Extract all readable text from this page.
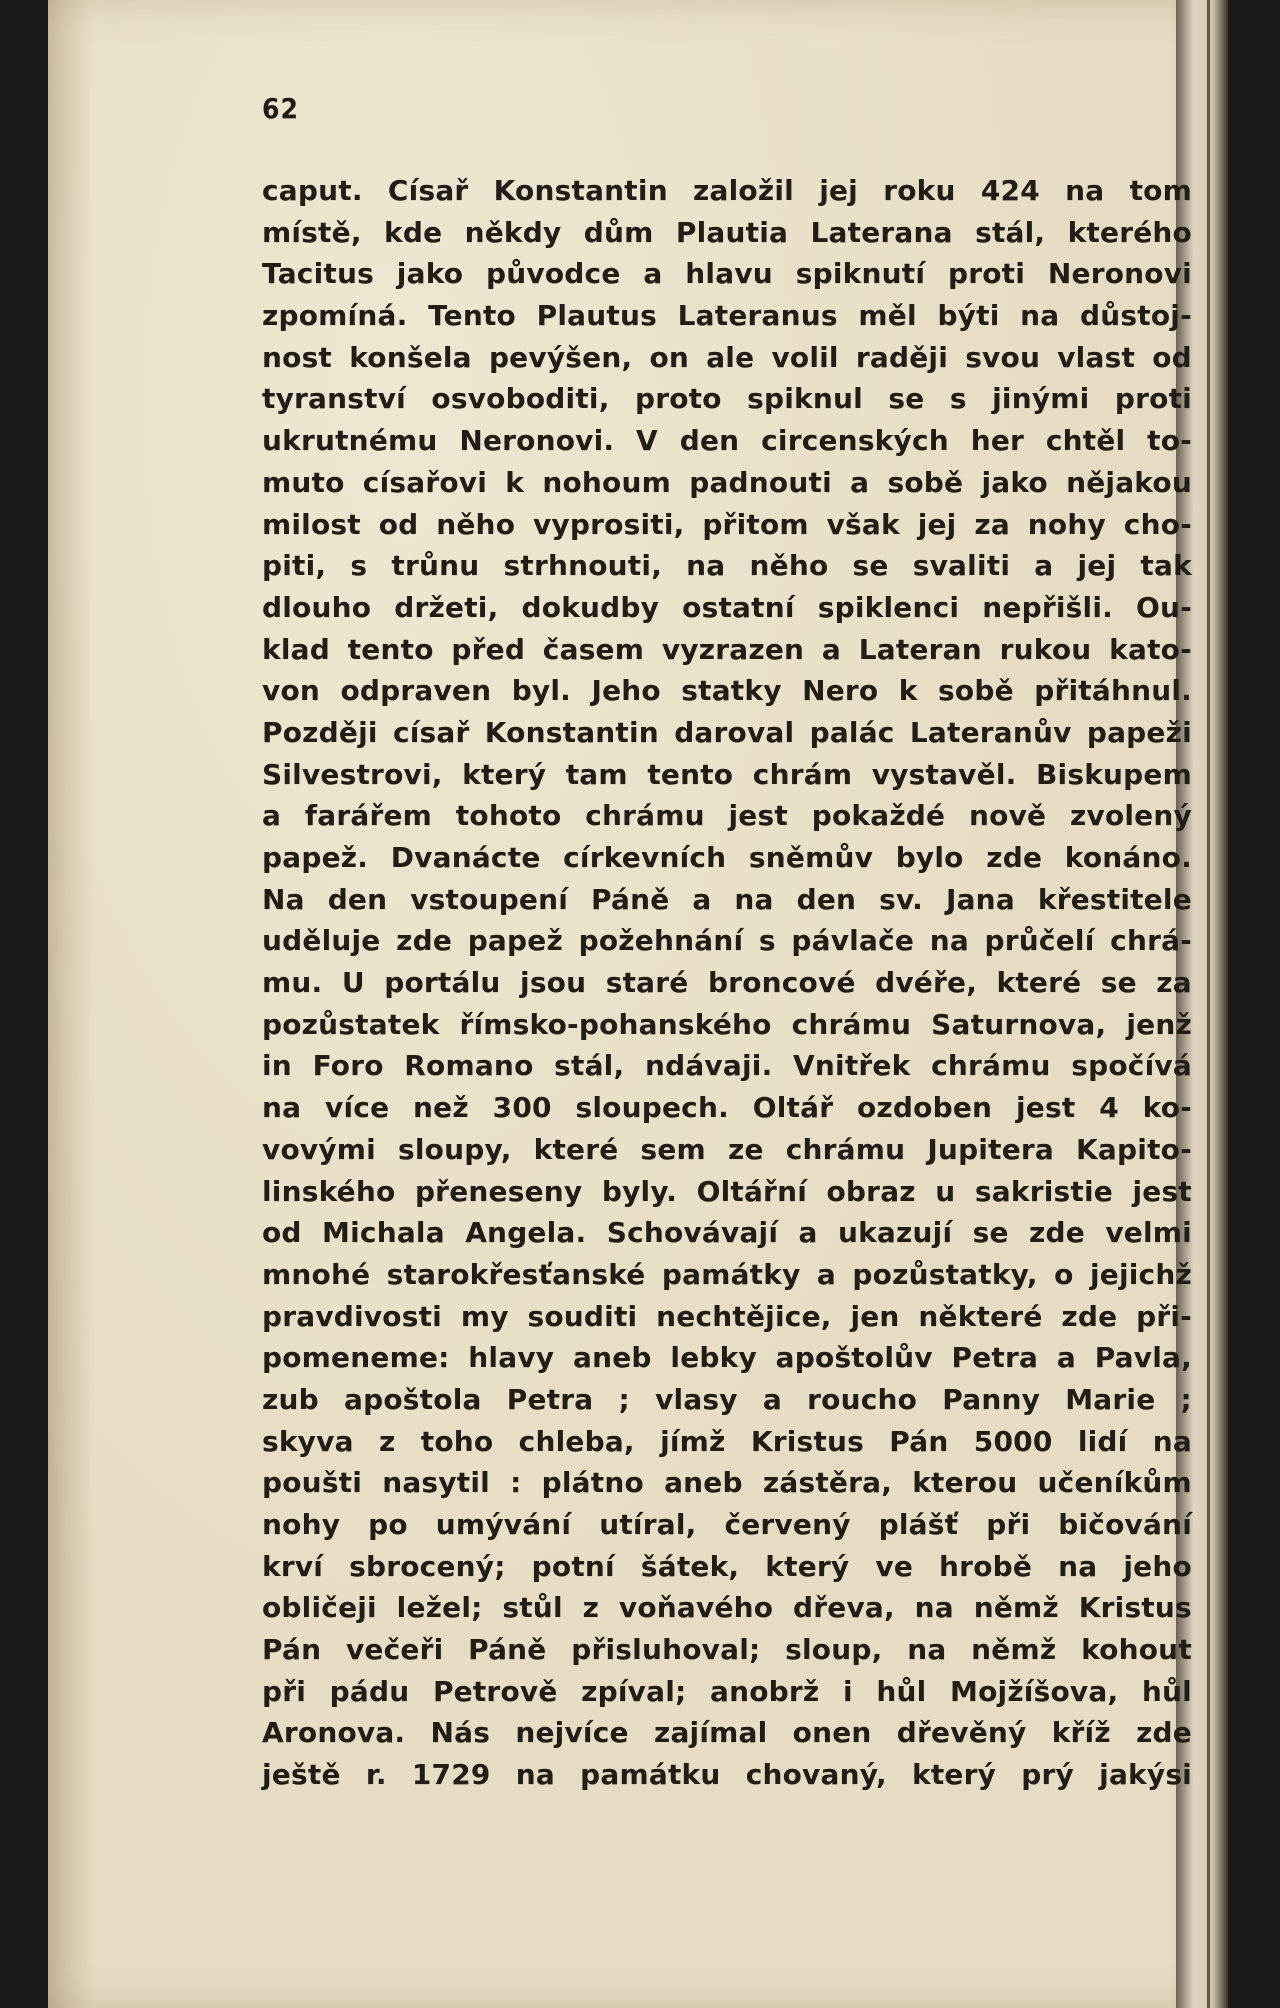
62
caput. Císař Konstantin založil jej roku 424 na tom
místě, kde někdy dům Plautia Laterana stál, kterého
Tacitus jako původce a hlavu spiknutí proti Neronovi
zpomíná. Tento Plautus Lateranus měl býti na důstoj-
nost konšela pevýšen, on ale volil raději svou vlast od
tyranství osvoboditi, proto spiknul se s jinými proti
ukrutnému Neronovi. V den circenských her chtěl to-
muto císařovi k nohoum padnouti a sobě jako nějakou
milost od něho vyprositi, přitom však jej za nohy cho-
piti, s trůnu strhnouti, na něho se svaliti a jej tak
dlouho držeti, dokudby ostatní spiklenci nepřišli. Ou-
klad tento před časem vyzrazen a Lateran rukou kato-
von odpraven byl. Jeho statky Nero k sobě přitáhnul.
Později císař Konstantin daroval palác Lateranův papeži
Silvestrovi, který tam tento chrám vystavěl. Biskupem
a farářem tohoto chrámu jest pokaždé nově zvolený
papež. Dvanácte církevních sněmův bylo zde konáno.
Na den vstoupení Páně a na den sv. Jana křestitele
uděluje zde papež požehnání s pávlače na průčelí chrá-
mu. U portálu jsou staré broncové dvéře, které se za
pozůstatek římsko-pohanského chrámu Saturnova, jenž
in Foro Romano stál, ndávaji. Vnitřek chrámu spočívá
na více než 300 sloupech. Oltář ozdoben jest 4 ko-
vovými sloupy, které sem ze chrámu Jupitera Kapito-
linského přeneseny byly. Oltářní obraz u sakristie jest
od Michala Angela. Schovávají a ukazují se zde velmi
mnohé starokřesťanské památky a pozůstatky, o jejichž
pravdivosti my souditi nechtějice, jen některé zde při-
pomeneme: hlavy aneb lebky apoštolův Petra a Pavla,
zub apoštola Petra ; vlasy a roucho Panny Marie ;
skyva z toho chleba, jímž Kristus Pán 5000 lidí na
poušti nasytil : plátno aneb zástěra, kterou učeníkům
nohy po umývání utíral, červený plášť při bičování
krví sbrocený; potní šátek, který ve hrobě na jeho
obličeji ležel; stůl z voňavého dřeva, na němž Kristus
Pán večeři Páně přisluhoval; sloup, na němž kohout
při pádu Petrově zpíval; anobrž i hůl Mojžíšova, hůl
Aronova. Nás nejvíce zajímal onen dřevěný kříž zde
ještě r. 1729 na památku chovaný, který prý jakýsi
